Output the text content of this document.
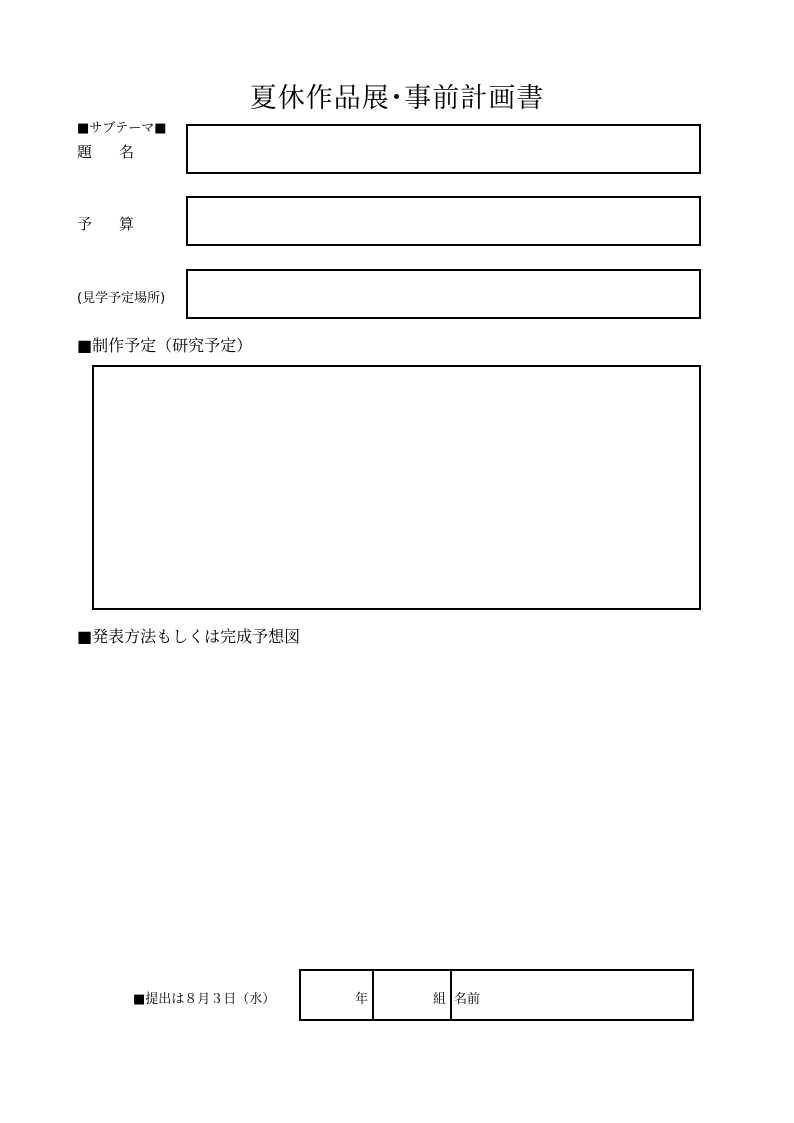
夏休作品展･事前計画書
■サブテーマ■
題　名
予　算
(見学予定場所)
■制作予定（研究予定）
■発表方法もしくは完成予想図
■提出は８月３日（水）	年	組 名前
